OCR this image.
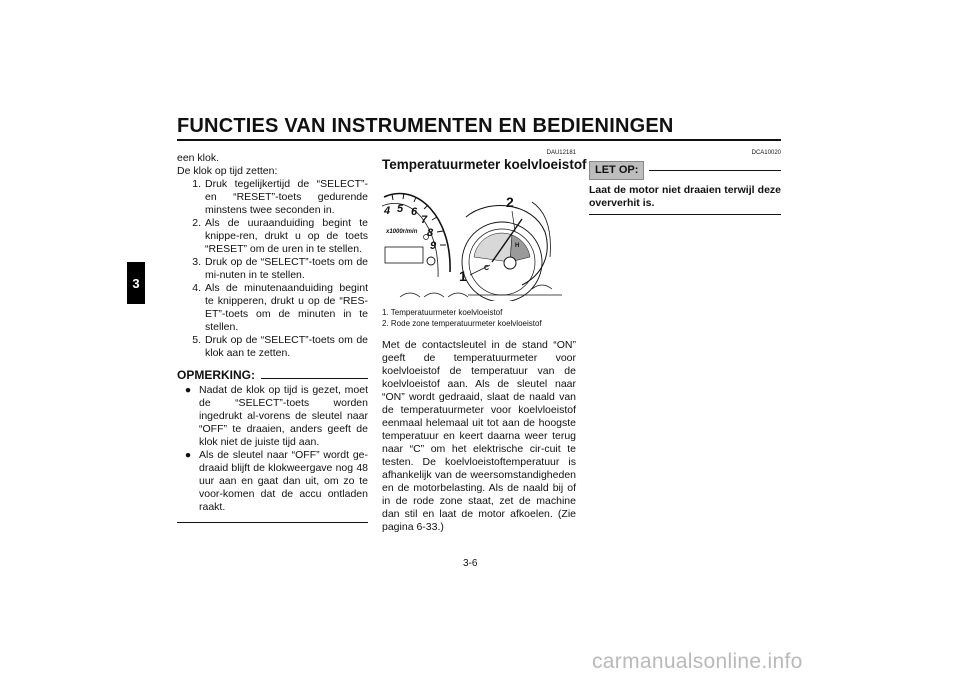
FUNCTIES VAN INSTRUMENTEN EN BEDIENINGEN
3

een klok.

De klok op tijd zetten:

1. Druk tegelijkertijd de “SELECT”- en “RESET”-toets gedurende minstens twee seconden in.
2. Als de uuraanduiding begint te knippe-ren, drukt u op de toets “RESET” om de uren in te stellen.
3. Druk op de “SELECT”-toets om de mi-nuten in te stellen.
4. Als de minutenaanduiding begint te knipperen, drukt u op de “RES-ET”-toets om de minuten in te stellen.
5. Druk op de “SELECT”-toets om de klok aan te zetten.
OPMERKING:
● Nadat de klok op tijd is gezet, moet de “SELECT”-toets worden ingedrukt al-vorens de sleutel naar “OFF” te draaien, anders geeft de klok niet de juiste tijd aan.
● Als de sleutel naar “OFF” wordt ge-draaid blijft de klokweergave nog 48 uur aan en gaat dan uit, om zo te voor-komen dat de accu ontladen raakt.
DAU12181
Temperatuurmeter koelvloeistof
4 5 6
7
8
9
x1000r/min
H
C
1
2
1. Temperatuurmeter koelvloeistof
2. Rode zone temperatuurmeter koelvloeistof

Met de contactsleutel in de stand “ON” geeft de temperatuurmeter voor koelvloeistof de temperatuur van de koelvloeistof aan. Als de sleutel naar “ON” wordt gedraaid, slaat de naald van de temperatuurmeter voor koelvloeistof eenmaal helemaal uit tot aan de hoogste temperatuur en keert daarna weer terug naar “C” om het elektrische cir-cuit te testen. De koelvloeistoftemperatuur is afhankelijk van de weersomstandigheden en de motorbelasting. Als de naald bij of in de rode zone staat, zet de machine dan stil en laat de motor afkoelen. (Zie pagina 6-33.)

DCA10020
LET OP:
Laat de motor niet draaien terwijl deze oververhit is.
3-6
carmanualsonline.info
